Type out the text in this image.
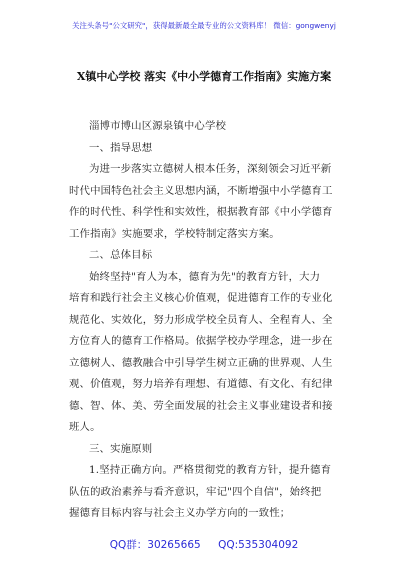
关注头条号"公文研究"，获得最新最全最专业的公文资料库！ 微信：gongwenyj
X镇中心学校 落实《中小学德育工作指南》实施方案
淄博市博山区源泉镇中心学校
一、指导思想
为进一步落实立德树人根本任务，深刻领会习近平新
时代中国特色社会主义思想内涵，不断增强中小学德育工
作的时代性、科学性和实效性，根据教育部《中小学德育
工作指南》实施要求，学校特制定落实方案。
二、总体目标
始终坚持"育人为本，德育为先"的教育方针，大力
培育和践行社会主义核心价值观，促进德育工作的专业化
规范化、实效化，努力形成学校全员育人、全程育人、全
方位育人的德育工作格局。依据学校办学理念，进一步在
立德树人、德教融合中引导学生树立正确的世界观、人生
观、价值观，努力培养有理想、有道德、有文化、有纪律
德、智、体、美、劳全面发展的社会主义事业建设者和接
班人。
三、实施原则
1.坚持正确方向。严格贯彻党的教育方针，提升德育
队伍的政治素养与看齐意识，牢记"四个自信"，始终把
握德育目标内容与社会主义办学方向的一致性；
QQ群：30265665 QQ:535304092
